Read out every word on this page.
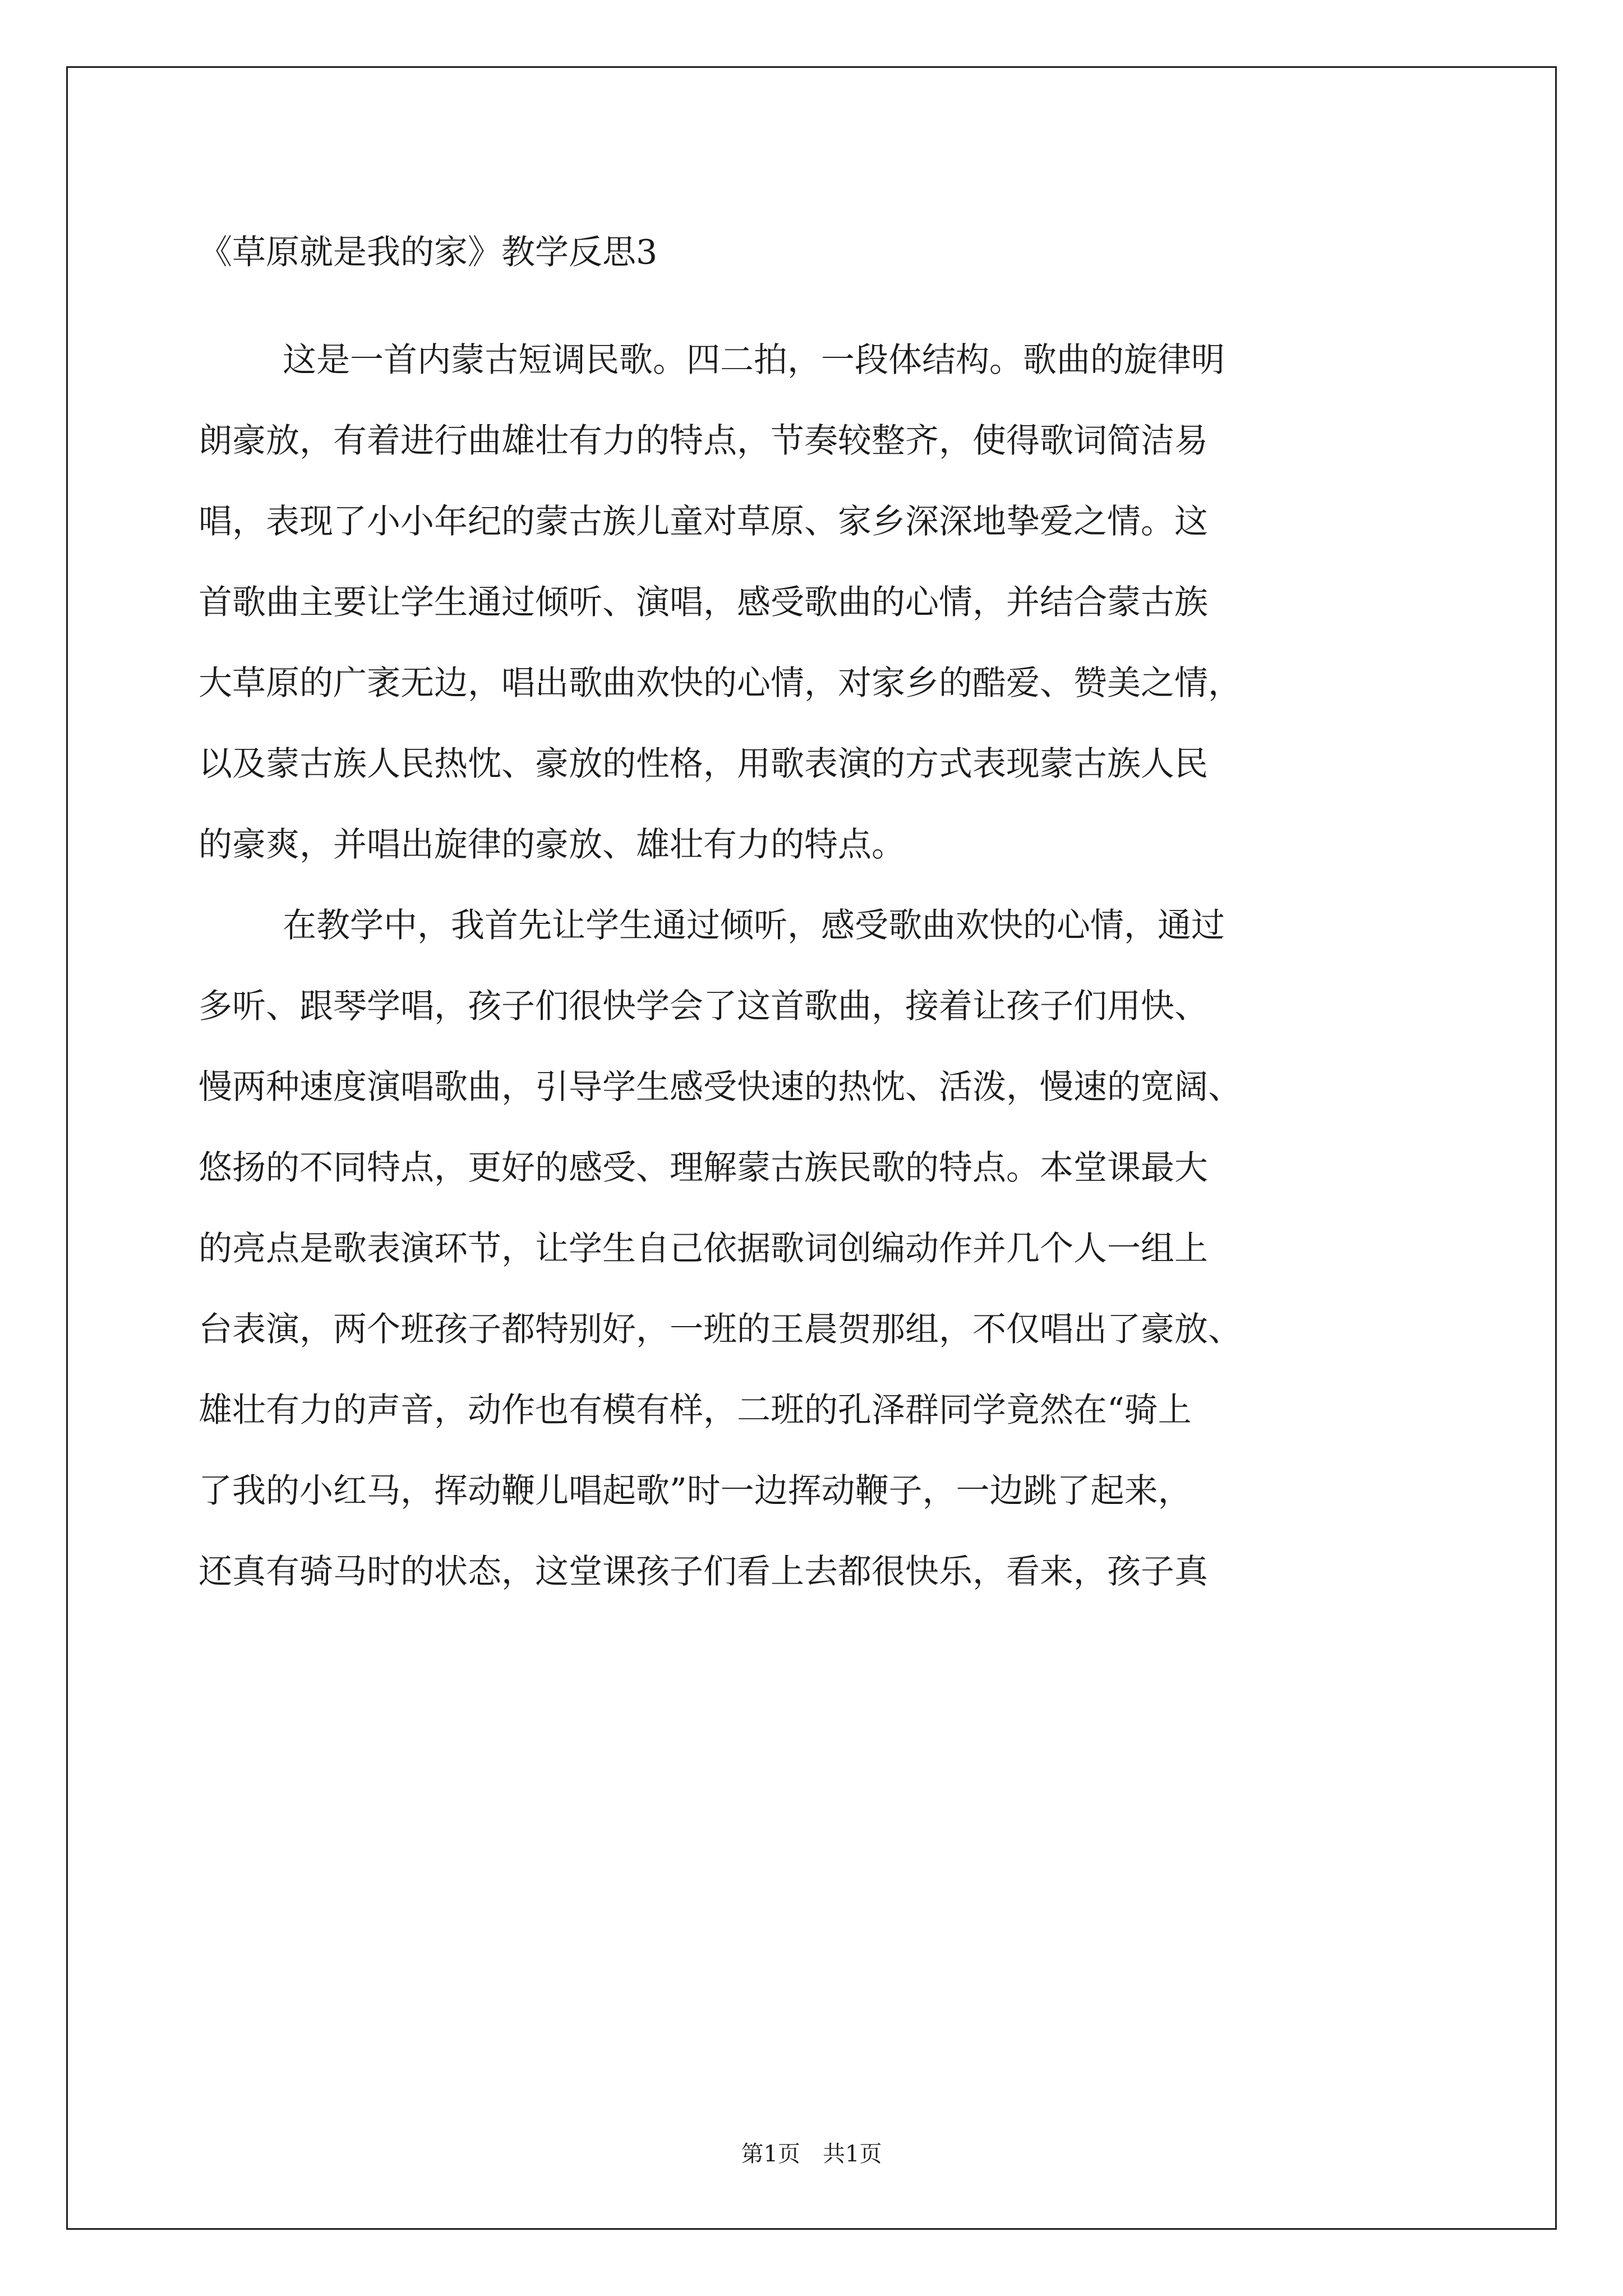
《草原就是我的家》教学反思3

这是一首内蒙古短调民歌。四二拍，一段体结构。歌曲的旋律明
朗豪放，有着进行曲雄壮有力的特点，节奏较整齐，使得歌词简洁易
唱，表现了小小年纪的蒙古族儿童对草原、家乡深深地挚爱之情。这
首歌曲主要让学生通过倾听、演唱，感受歌曲的心情，并结合蒙古族
大草原的广袤无边，唱出歌曲欢快的心情，对家乡的酷爱、赞美之情，
以及蒙古族人民热忱、豪放的性格，用歌表演的方式表现蒙古族人民
的豪爽，并唱出旋律的豪放、雄壮有力的特点。

在教学中，我首先让学生通过倾听，感受歌曲欢快的心情，通过
多听、跟琴学唱，孩子们很快学会了这首歌曲，接着让孩子们用快、
慢两种速度演唱歌曲，引导学生感受快速的热忱、活泼，慢速的宽阔、
悠扬的不同特点，更好的感受、理解蒙古族民歌的特点。本堂课最大
的亮点是歌表演环节，让学生自己依据歌词创编动作并几个人一组上
台表演，两个班孩子都特别好，一班的王晨贺那组，不仅唱出了豪放、
雄壮有力的声音，动作也有模有样，二班的孔泽群同学竟然在“骑上
了我的小红马，挥动鞭儿唱起歌”时一边挥动鞭子，一边跳了起来，
还真有骑马时的状态，这堂课孩子们看上去都很快乐，看来，孩子真

第1页　共1页
